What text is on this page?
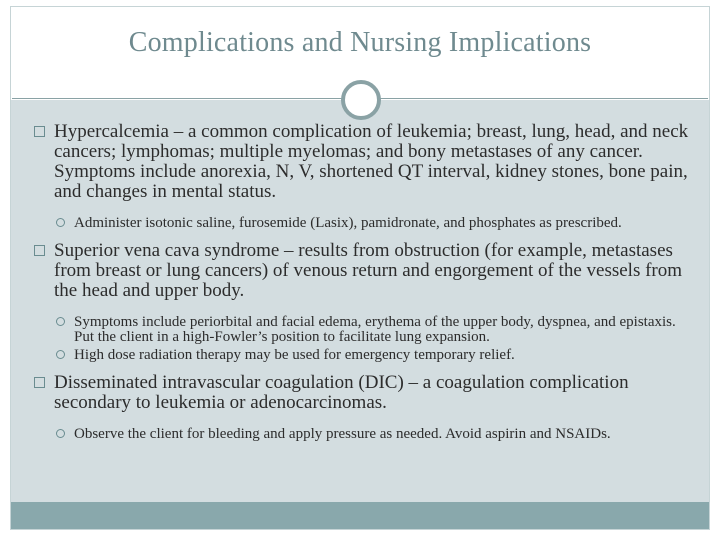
Complications and Nursing Implications

Hypercalcemia – a common complication of leukemia; breast, lung, head, and neck cancers; lymphomas; multiple myelomas; and bony metastases of any cancer. Symptoms include anorexia, N, V, shortened QT interval, kidney stones, bone pain, and changes in mental status.

Administer isotonic saline, furosemide (Lasix), pamidronate, and phosphates as prescribed.

Superior vena cava syndrome – results from obstruction (for example, metastases from breast or lung cancers) of venous return and engorgement of the vessels from the head and upper body.

Symptoms include periorbital and facial edema, erythema of the upper body, dyspnea, and epistaxis. Put the client in a high-Fowler’s position to facilitate lung expansion.

High dose radiation therapy may be used for emergency temporary relief.

Disseminated intravascular coagulation (DIC) – a coagulation complication secondary to leukemia or adenocarcinomas.

Observe the client for bleeding and apply pressure as needed. Avoid aspirin and NSAIDs.
